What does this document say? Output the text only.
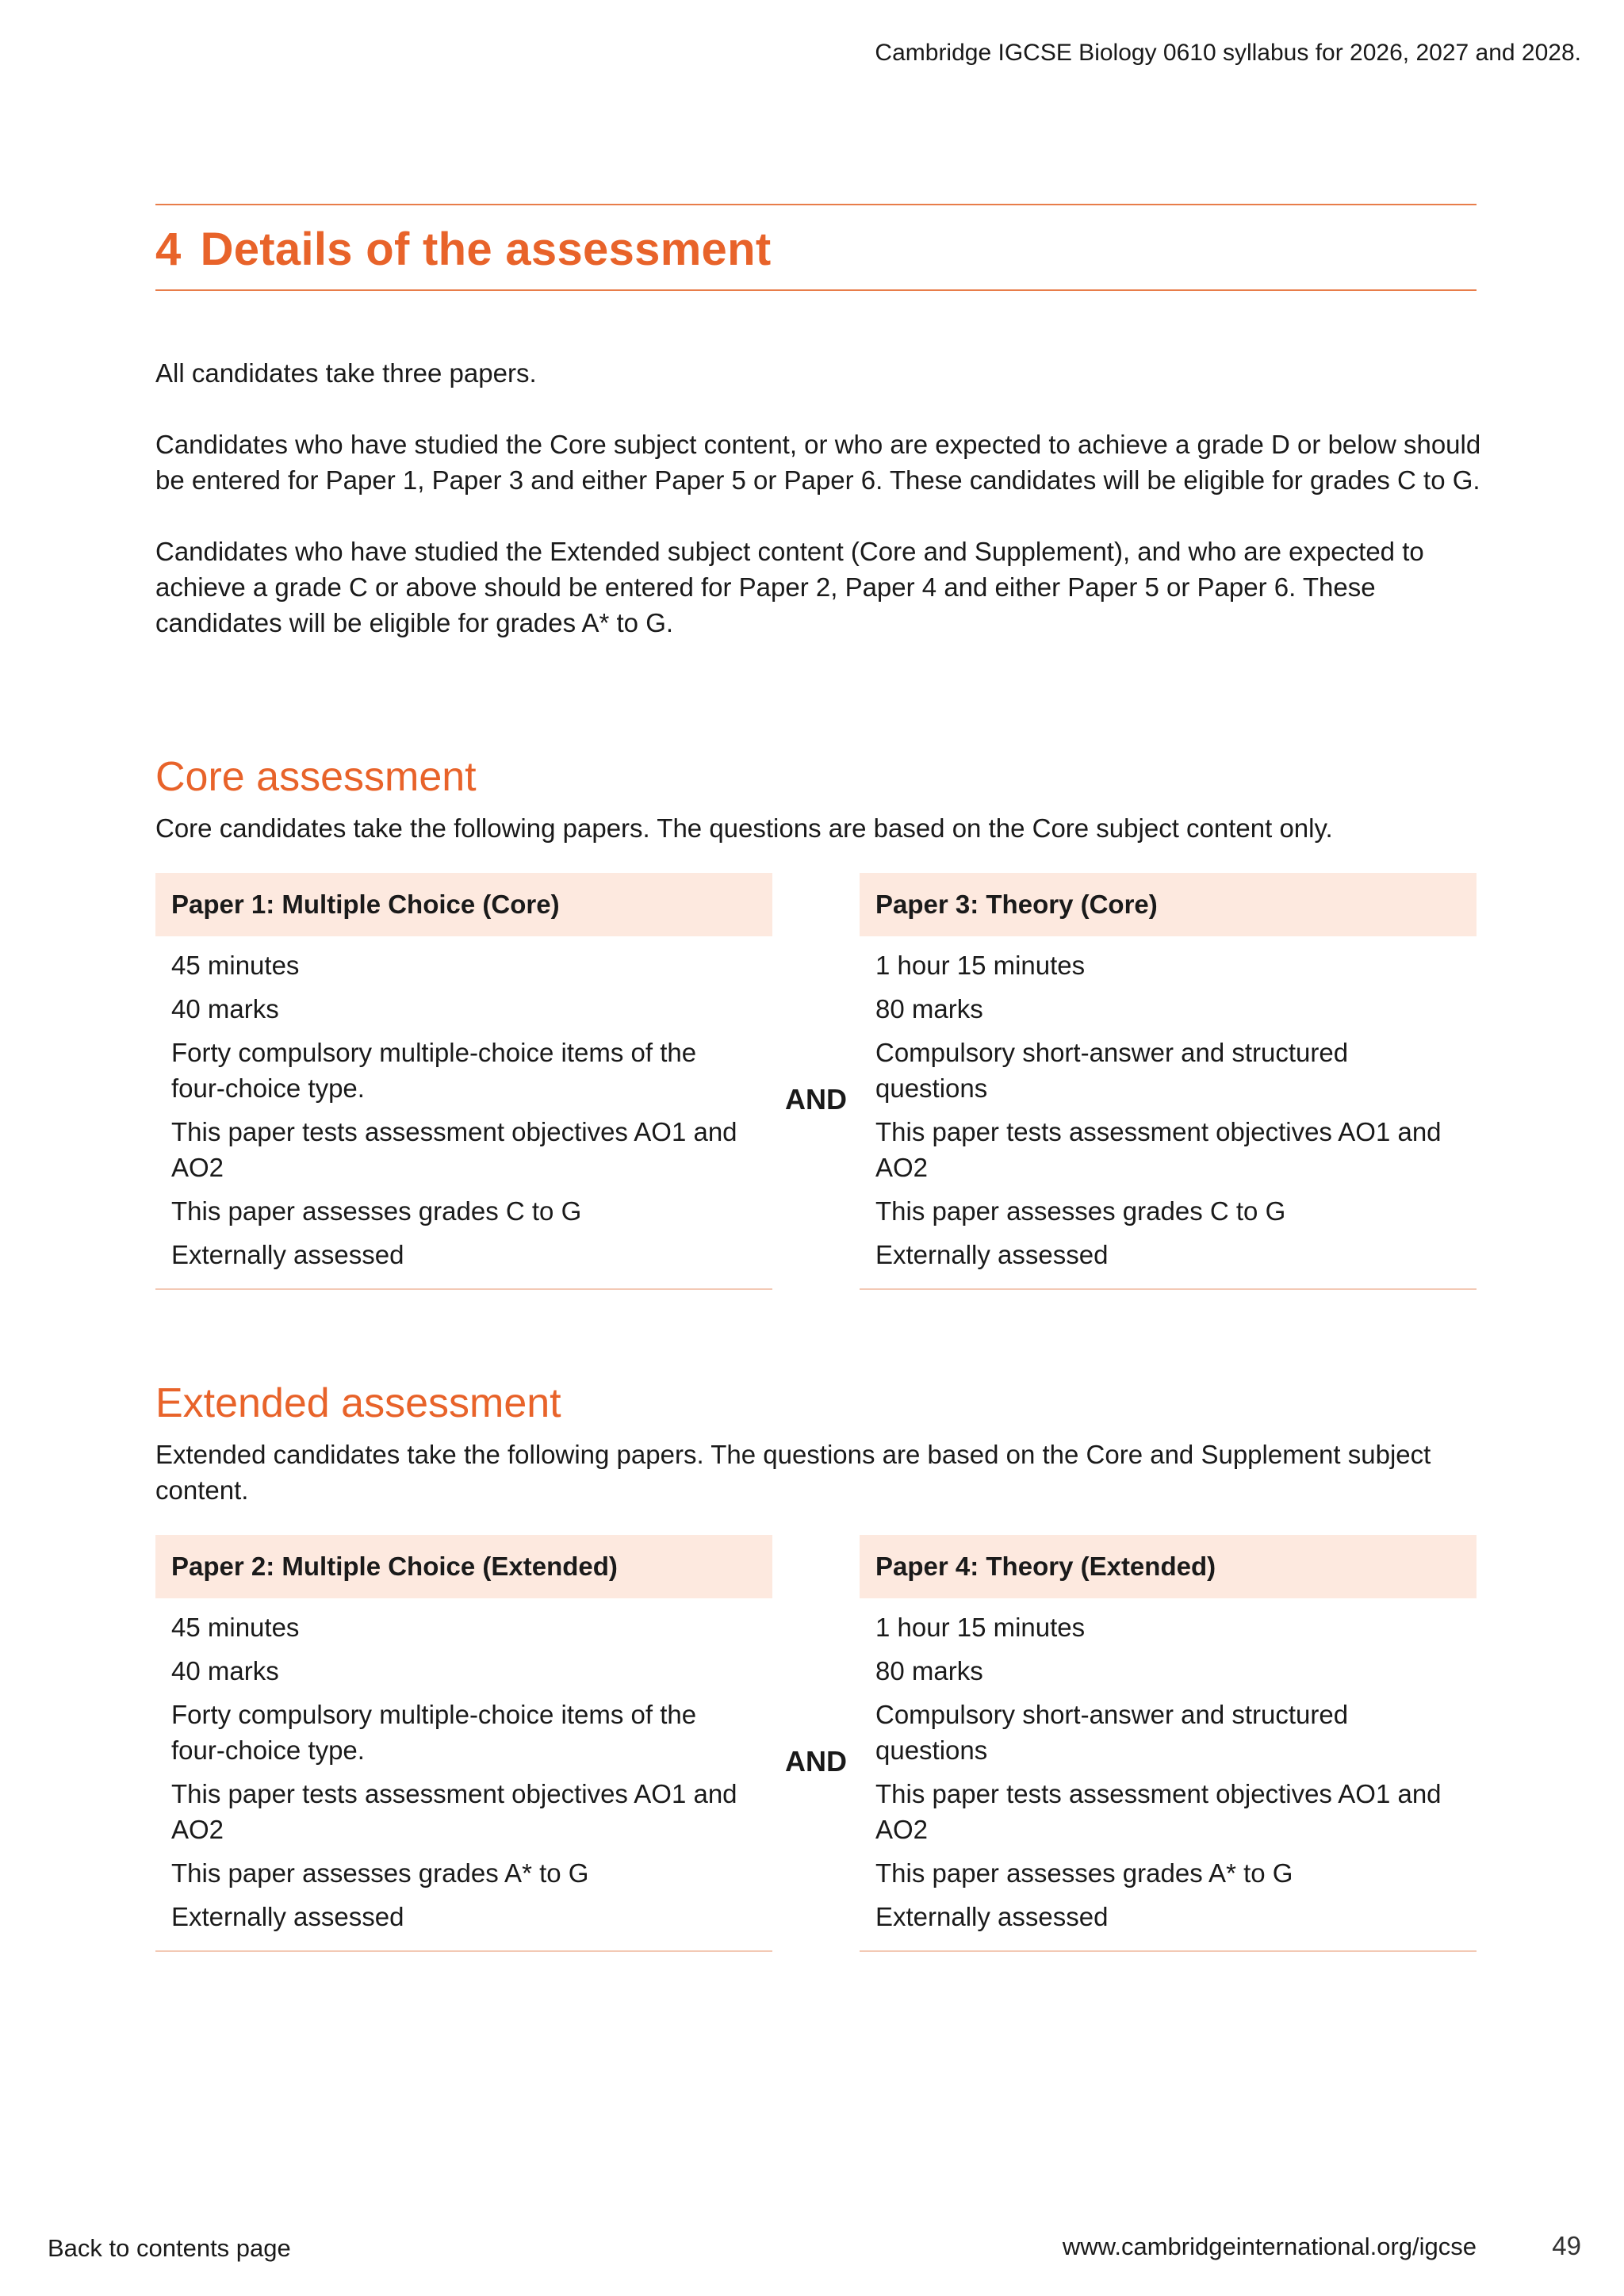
Cambridge IGCSE Biology 0610 syllabus for 2026, 2027 and 2028.
4 Details of the assessment

All candidates take three papers.

Candidates who have studied the Core subject content, or who are expected to achieve a grade D or below should be entered for Paper 1, Paper 3 and either Paper 5 or Paper 6. These candidates will be eligible for grades C to G.

Candidates who have studied the Extended subject content (Core and Supplement), and who are expected to achieve a grade C or above should be entered for Paper 2, Paper 4 and either Paper 5 or Paper 6. These candidates will be eligible for grades A* to G.

Core assessment

Core candidates take the following papers. The questions are based on the Core subject content only.

Paper 1: Multiple Choice (Core)
45 minutes
40 marks
Forty compulsory multiple-choice items of the four-choice type.
This paper tests assessment objectives AO1 and AO2
This paper assesses grades C to G
Externally assessed
AND
Paper 3: Theory (Core)
1 hour 15 minutes
80 marks
Compulsory short-answer and structured questions
This paper tests assessment objectives AO1 and AO2
This paper assesses grades C to G
Externally assessed
Extended assessment

Extended candidates take the following papers. The questions are based on the Core and Supplement subject content.

Paper 2: Multiple Choice (Extended)
45 minutes
40 marks
Forty compulsory multiple-choice items of the four-choice type.
This paper tests assessment objectives AO1 and AO2
This paper assesses grades A* to G
Externally assessed
AND
Paper 4: Theory (Extended)
1 hour 15 minutes
80 marks
Compulsory short-answer and structured questions
This paper tests assessment objectives AO1 and AO2
This paper assesses grades A* to G
Externally assessed
Back to contents page	www.cambridgeinternational.org/igcse	49
